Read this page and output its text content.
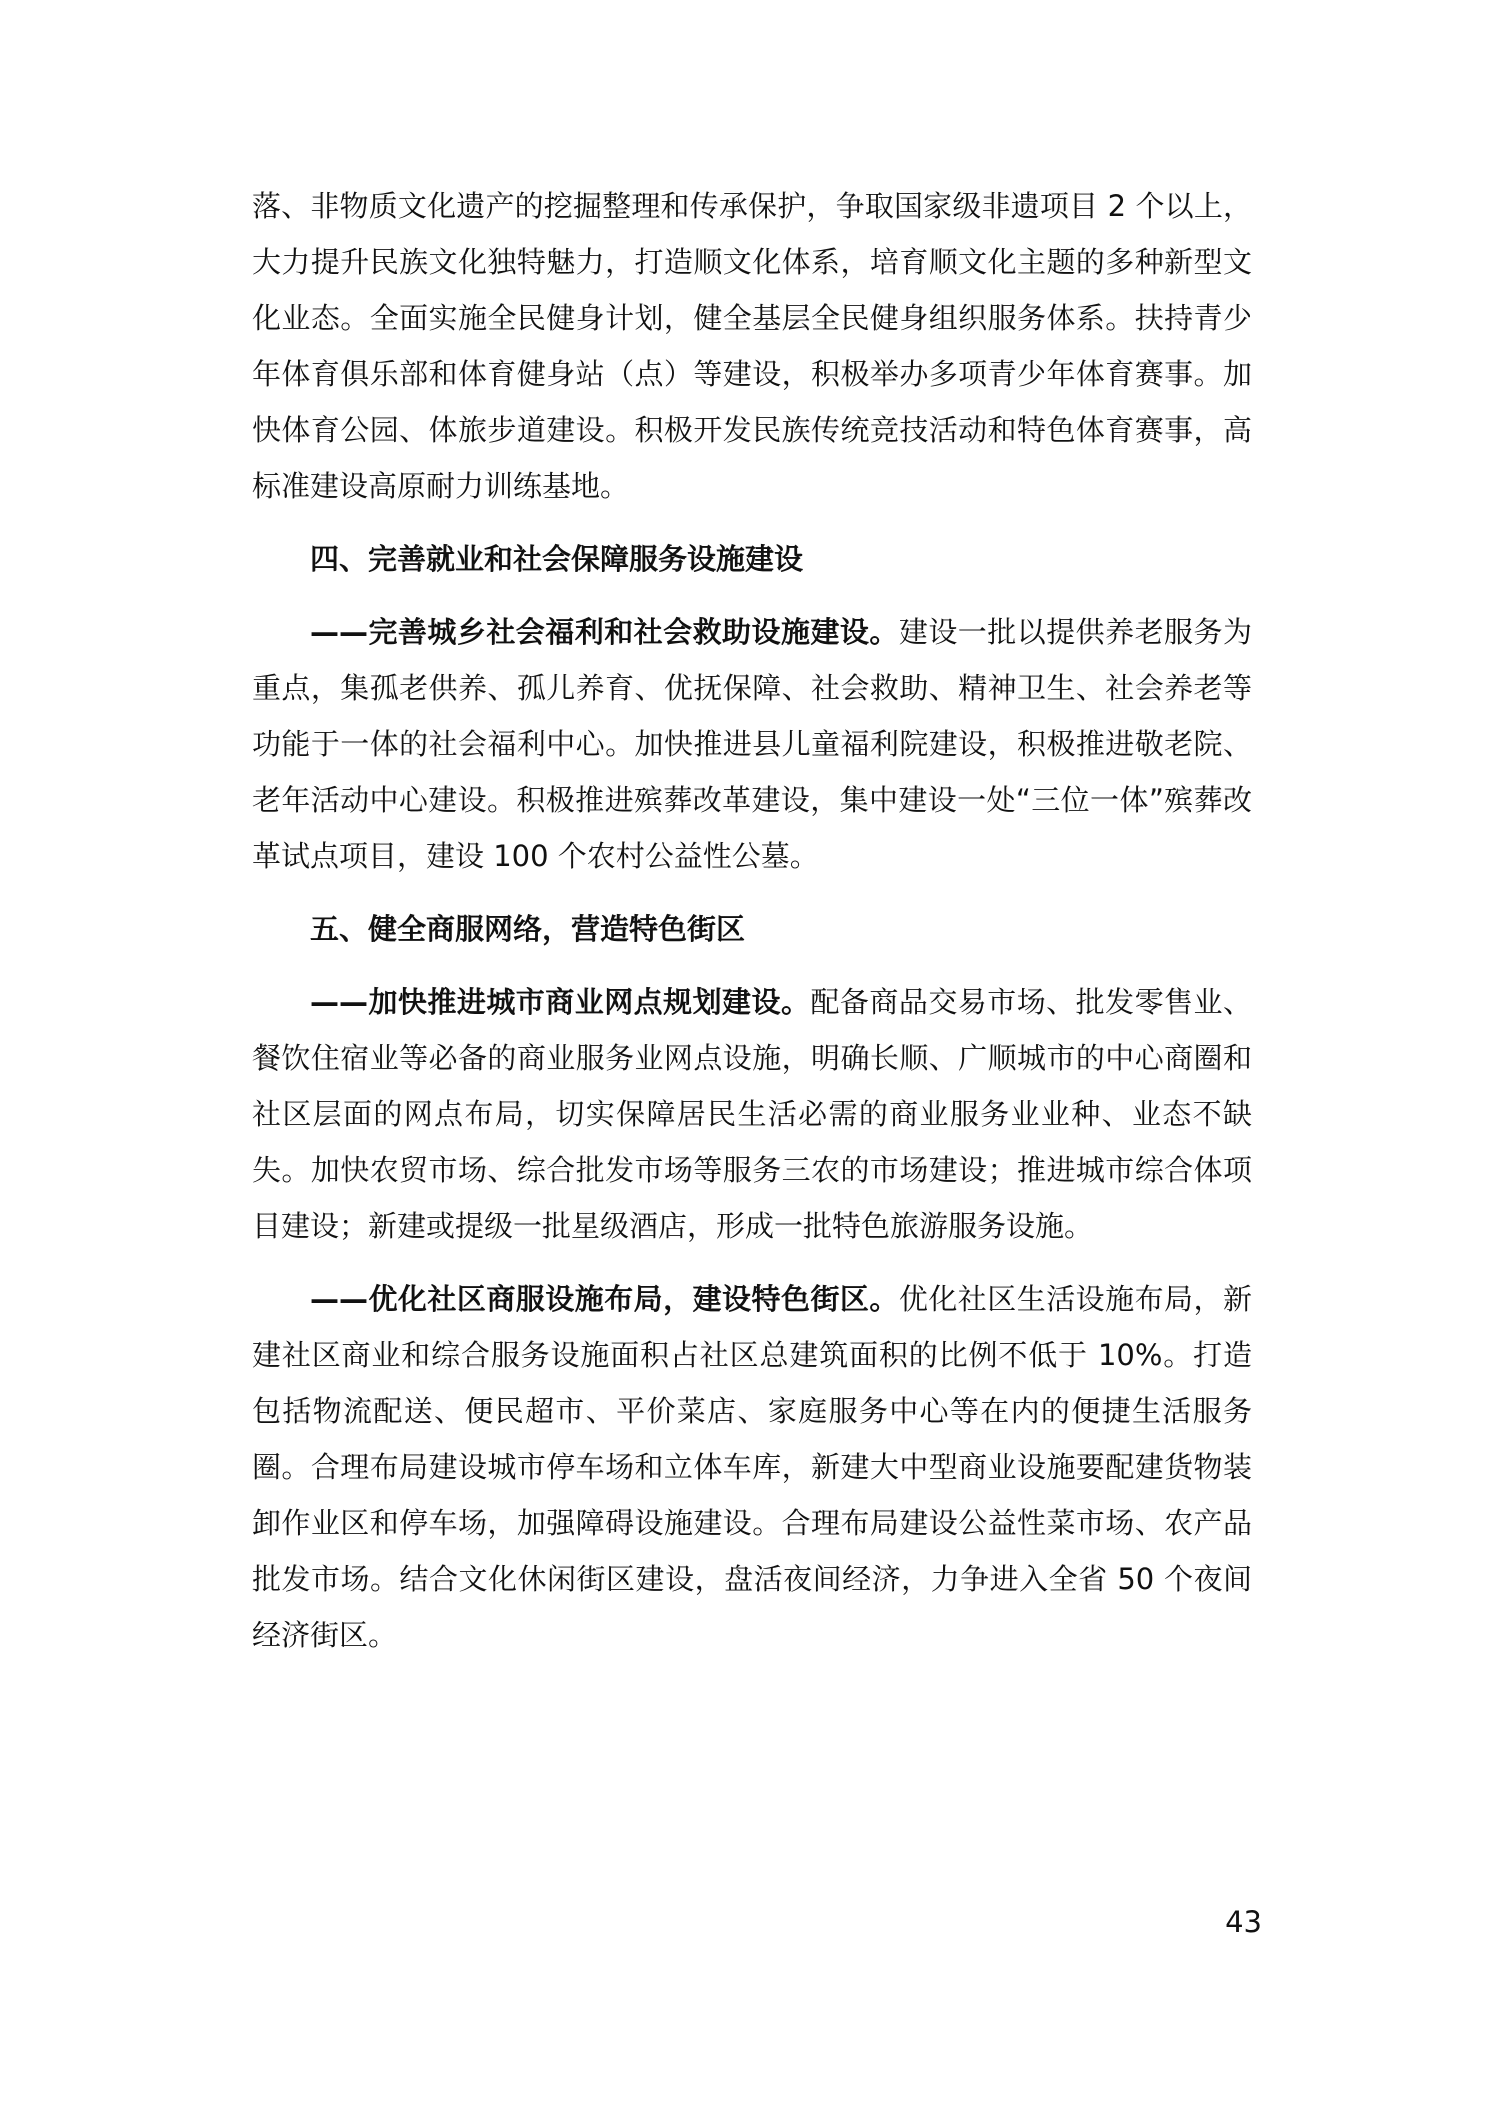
落、非物质文化遗产的挖掘整理和传承保护，争取国家级非遗项目 2 个以上，大力提升民族文化独特魅力，打造顺文化体系，培育顺文化主题的多种新型文化业态。全面实施全民健身计划，健全基层全民健身组织服务体系。扶持青少年体育俱乐部和体育健身站（点）等建设，积极举办多项青少年体育赛事。加快体育公园、体旅步道建设。积极开发民族传统竞技活动和特色体育赛事，高标准建设高原耐力训练基地。

四、完善就业和社会保障服务设施建设

——完善城乡社会福利和社会救助设施建设。建设一批以提供养老服务为重点，集孤老供养、孤儿养育、优抚保障、社会救助、精神卫生、社会养老等功能于一体的社会福利中心。加快推进县儿童福利院建设，积极推进敬老院、老年活动中心建设。积极推进殡葬改革建设，集中建设一处“三位一体”殡葬改革试点项目，建设 100 个农村公益性公墓。

五、健全商服网络，营造特色街区

——加快推进城市商业网点规划建设。配备商品交易市场、批发零售业、餐饮住宿业等必备的商业服务业网点设施，明确长顺、广顺城市的中心商圈和社区层面的网点布局，切实保障居民生活必需的商业服务业业种、业态不缺失。加快农贸市场、综合批发市场等服务三农的市场建设；推进城市综合体项目建设；新建或提级一批星级酒店，形成一批特色旅游服务设施。

——优化社区商服设施布局，建设特色街区。优化社区生活设施布局，新建社区商业和综合服务设施面积占社区总建筑面积的比例不低于 10%。打造包括物流配送、便民超市、平价菜店、家庭服务中心等在内的便捷生活服务圈。合理布局建设城市停车场和立体车库，新建大中型商业设施要配建货物装卸作业区和停车场，加强障碍设施建设。合理布局建设公益性菜市场、农产品批发市场。结合文化休闲街区建设，盘活夜间经济，力争进入全省 50 个夜间经济街区。

43
